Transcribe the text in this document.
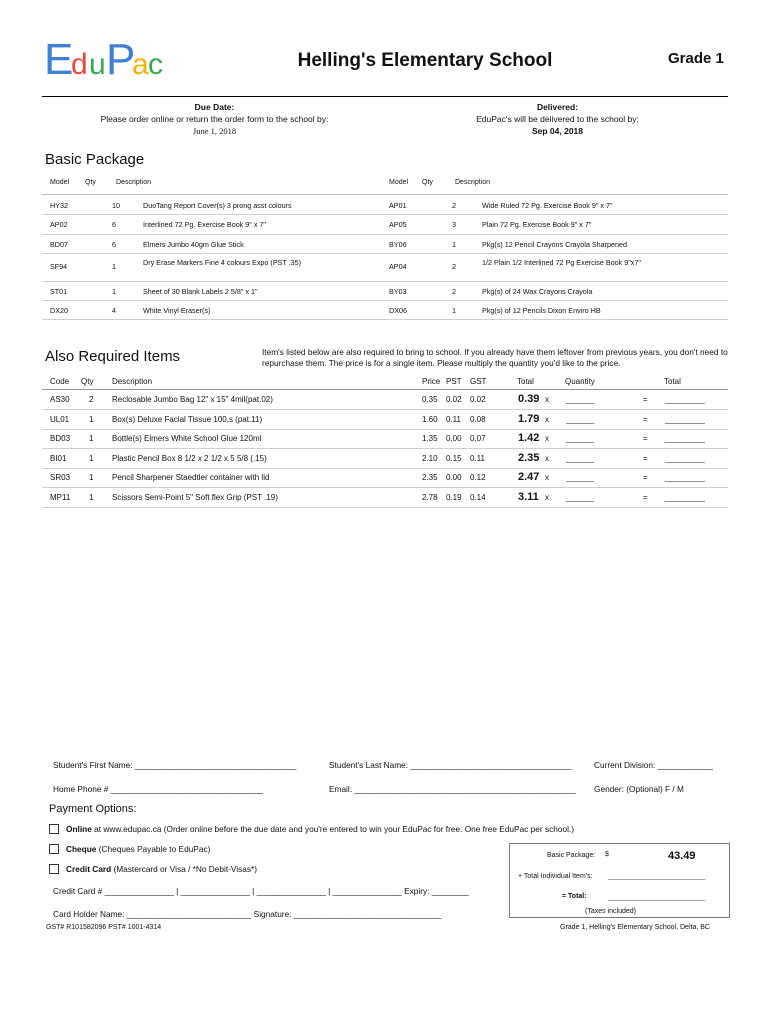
E
d u P
a c	Helling's Elementary School	Grade 1
Due Date:
Please order online or return the order form to the school by:
June 1, 2018
Delivered:
EduPac's will be delivered to the school by:
Sep 04, 2018
Basic Package
Model Qty	Description	Model Qty	Description
HY32	10	DuoTang Report Cover(s) 3 prong asst colours	AP01	2	Wide Ruled 72 Pg. Exercise Book 9" x 7"
AP02	6	Interlined 72 Pg. Exercise Book 9" x 7"	AP05	3	Plain 72 Pg. Exercise Book 9" x 7"
BD07	6	Elmers Jumbo 40gm Glue Stick	BY06	1	Pkg(s) 12 Pencil Crayons Crayola Sharpened
SF94	1	Dry Erase Markers Fine 4 colours Expo (PST .35)	AP04	2	1/2 Plain 1/2 Interlined 72 Pg Exercise Book 9"x7"
ST01	1	Sheet of 30 Blank Labels 2 5/8" x 1"	BY03	2	Pkg(s) of 24 Wax Crayons Crayola
DX20	4	White Vinyl Eraser(s)	DX06	1	Pkg(s) of 12 Pencils Dixon Enviro HB
Also Required Items	Item's listed below are also required to bring to school. If you already have them leftover from previous years, you don't need to repurchase them. The price is for a single item. Please multiply the quantity you'd like to the price.
Code Qty Description	Price PST GST	Total	Quantity	Total
AS30 2 Reclosable Jumbo Bag 12" x 15" 4mil(pat.02)	0.35 0.02 0.02	0.39 x _______	= __________
UL01 1 Box(s) Deluxe Facial Tissue 100,s (pat.11)	1.60 0.11 0.08	1.79 x _______	= __________
BD03 1 Bottle(s) Elmers White School Glue 120ml	1.35 0.00 0.07	1.42 x _______	= __________
BI01	1 Plastic Pencil Box 8 1/2 x 2 1/2 x 5 5/8 (.15)	2.10 0.15 0.11	2.35 x _______	= __________
SR03 1 Pencil Sharpener Staedtler container with lid	2.35 0.00 0.12	2.47 x _______	= __________
MP11 1 Scissors Semi-Point 5" Soft flex Grip (PST .19)	2.78 0.19 0.14	3.11 x _______	= __________
Student's First Name: ___________________________________	Student's Last Name: ___________________________________	Current Division: ____________
Home Phone # _________________________________	Email: ________________________________________________ Gender: (Optional) F / M
Payment Options:
Online at www.edupac.ca (Order online before the due date and you're entered to win your EduPac for free. One free EduPac per school.)
Cheque (Cheques Payable to EduPac)
Credit Card (Mastercard or Visa / *No Debit-Visas*)
Credit Card # _______________ | _______________ | _______________ | _______________ Expiry: ________
Card Holder Name: ___________________________ Signature: ________________________________
Basic Package: $	43.49
+ Total Individual Item's: _________________________
= Total:	_________________________
(Taxes included)
GST# R101582096 PST# 1001-4314	Grade 1, Helling's Elementary School, Delta, BC
